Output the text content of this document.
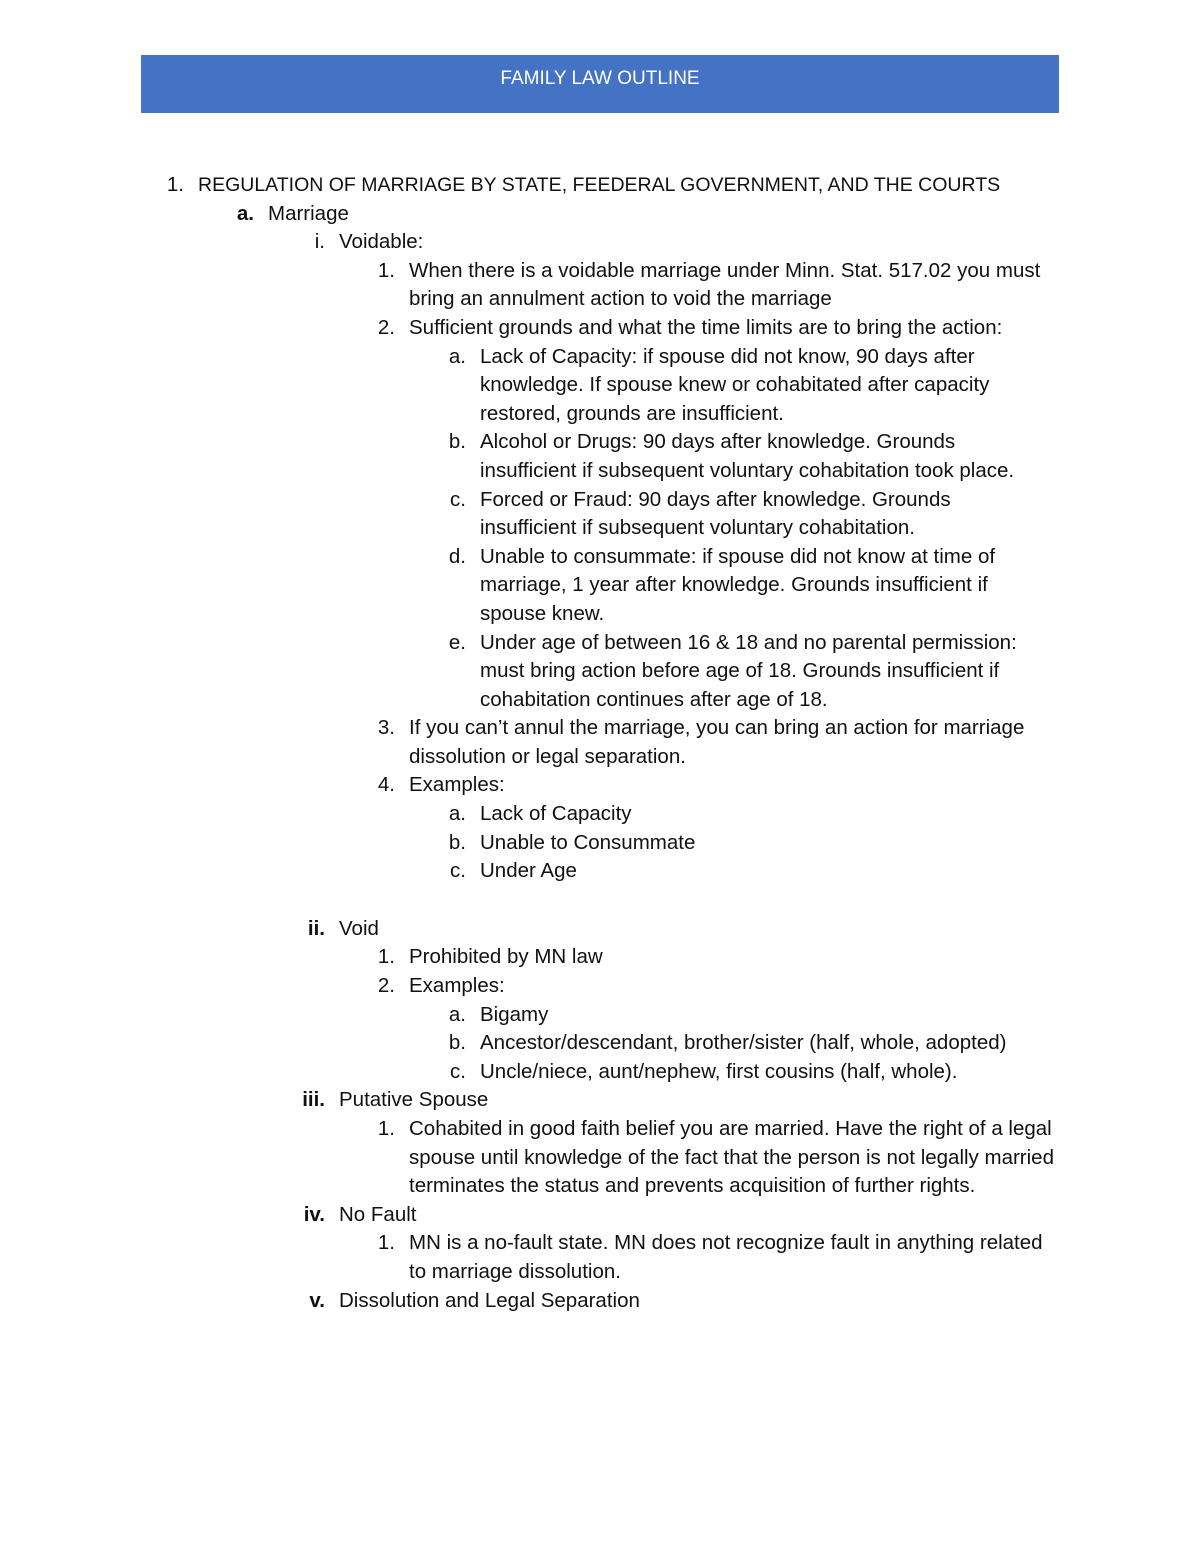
FAMILY LAW OUTLINE
1. REGULATION OF MARRIAGE BY STATE, FEEDERAL GOVERNMENT, AND THE COURTS
a. Marriage
i. Voidable:
1. When there is a voidable marriage under Minn. Stat. 517.02 you must bring an annulment action to void the marriage
2. Sufficient grounds and what the time limits are to bring the action:
a. Lack of Capacity: if spouse did not know, 90 days after knowledge. If spouse knew or cohabitated after capacity restored, grounds are insufficient.
b. Alcohol or Drugs: 90 days after knowledge. Grounds insufficient if subsequent voluntary cohabitation took place.
c. Forced or Fraud: 90 days after knowledge. Grounds insufficient if subsequent voluntary cohabitation.
d. Unable to consummate: if spouse did not know at time of marriage, 1 year after knowledge. Grounds insufficient if spouse knew.
e. Under age of between 16 & 18 and no parental permission: must bring action before age of 18. Grounds insufficient if cohabitation continues after age of 18.
3. If you can’t annul the marriage, you can bring an action for marriage dissolution or legal separation.
4. Examples:
a. Lack of Capacity
b. Unable to Consummate
c. Under Age
ii. Void
1. Prohibited by MN law
2. Examples:
a. Bigamy
b. Ancestor/descendant, brother/sister (half, whole, adopted)
c. Uncle/niece, aunt/nephew, first cousins (half, whole).
iii. Putative Spouse
1. Cohabited in good faith belief you are married. Have the right of a legal spouse until knowledge of the fact that the person is not legally married terminates the status and prevents acquisition of further rights.
iv. No Fault
1. MN is a no-fault state. MN does not recognize fault in anything related to marriage dissolution.
v. Dissolution and Legal Separation
